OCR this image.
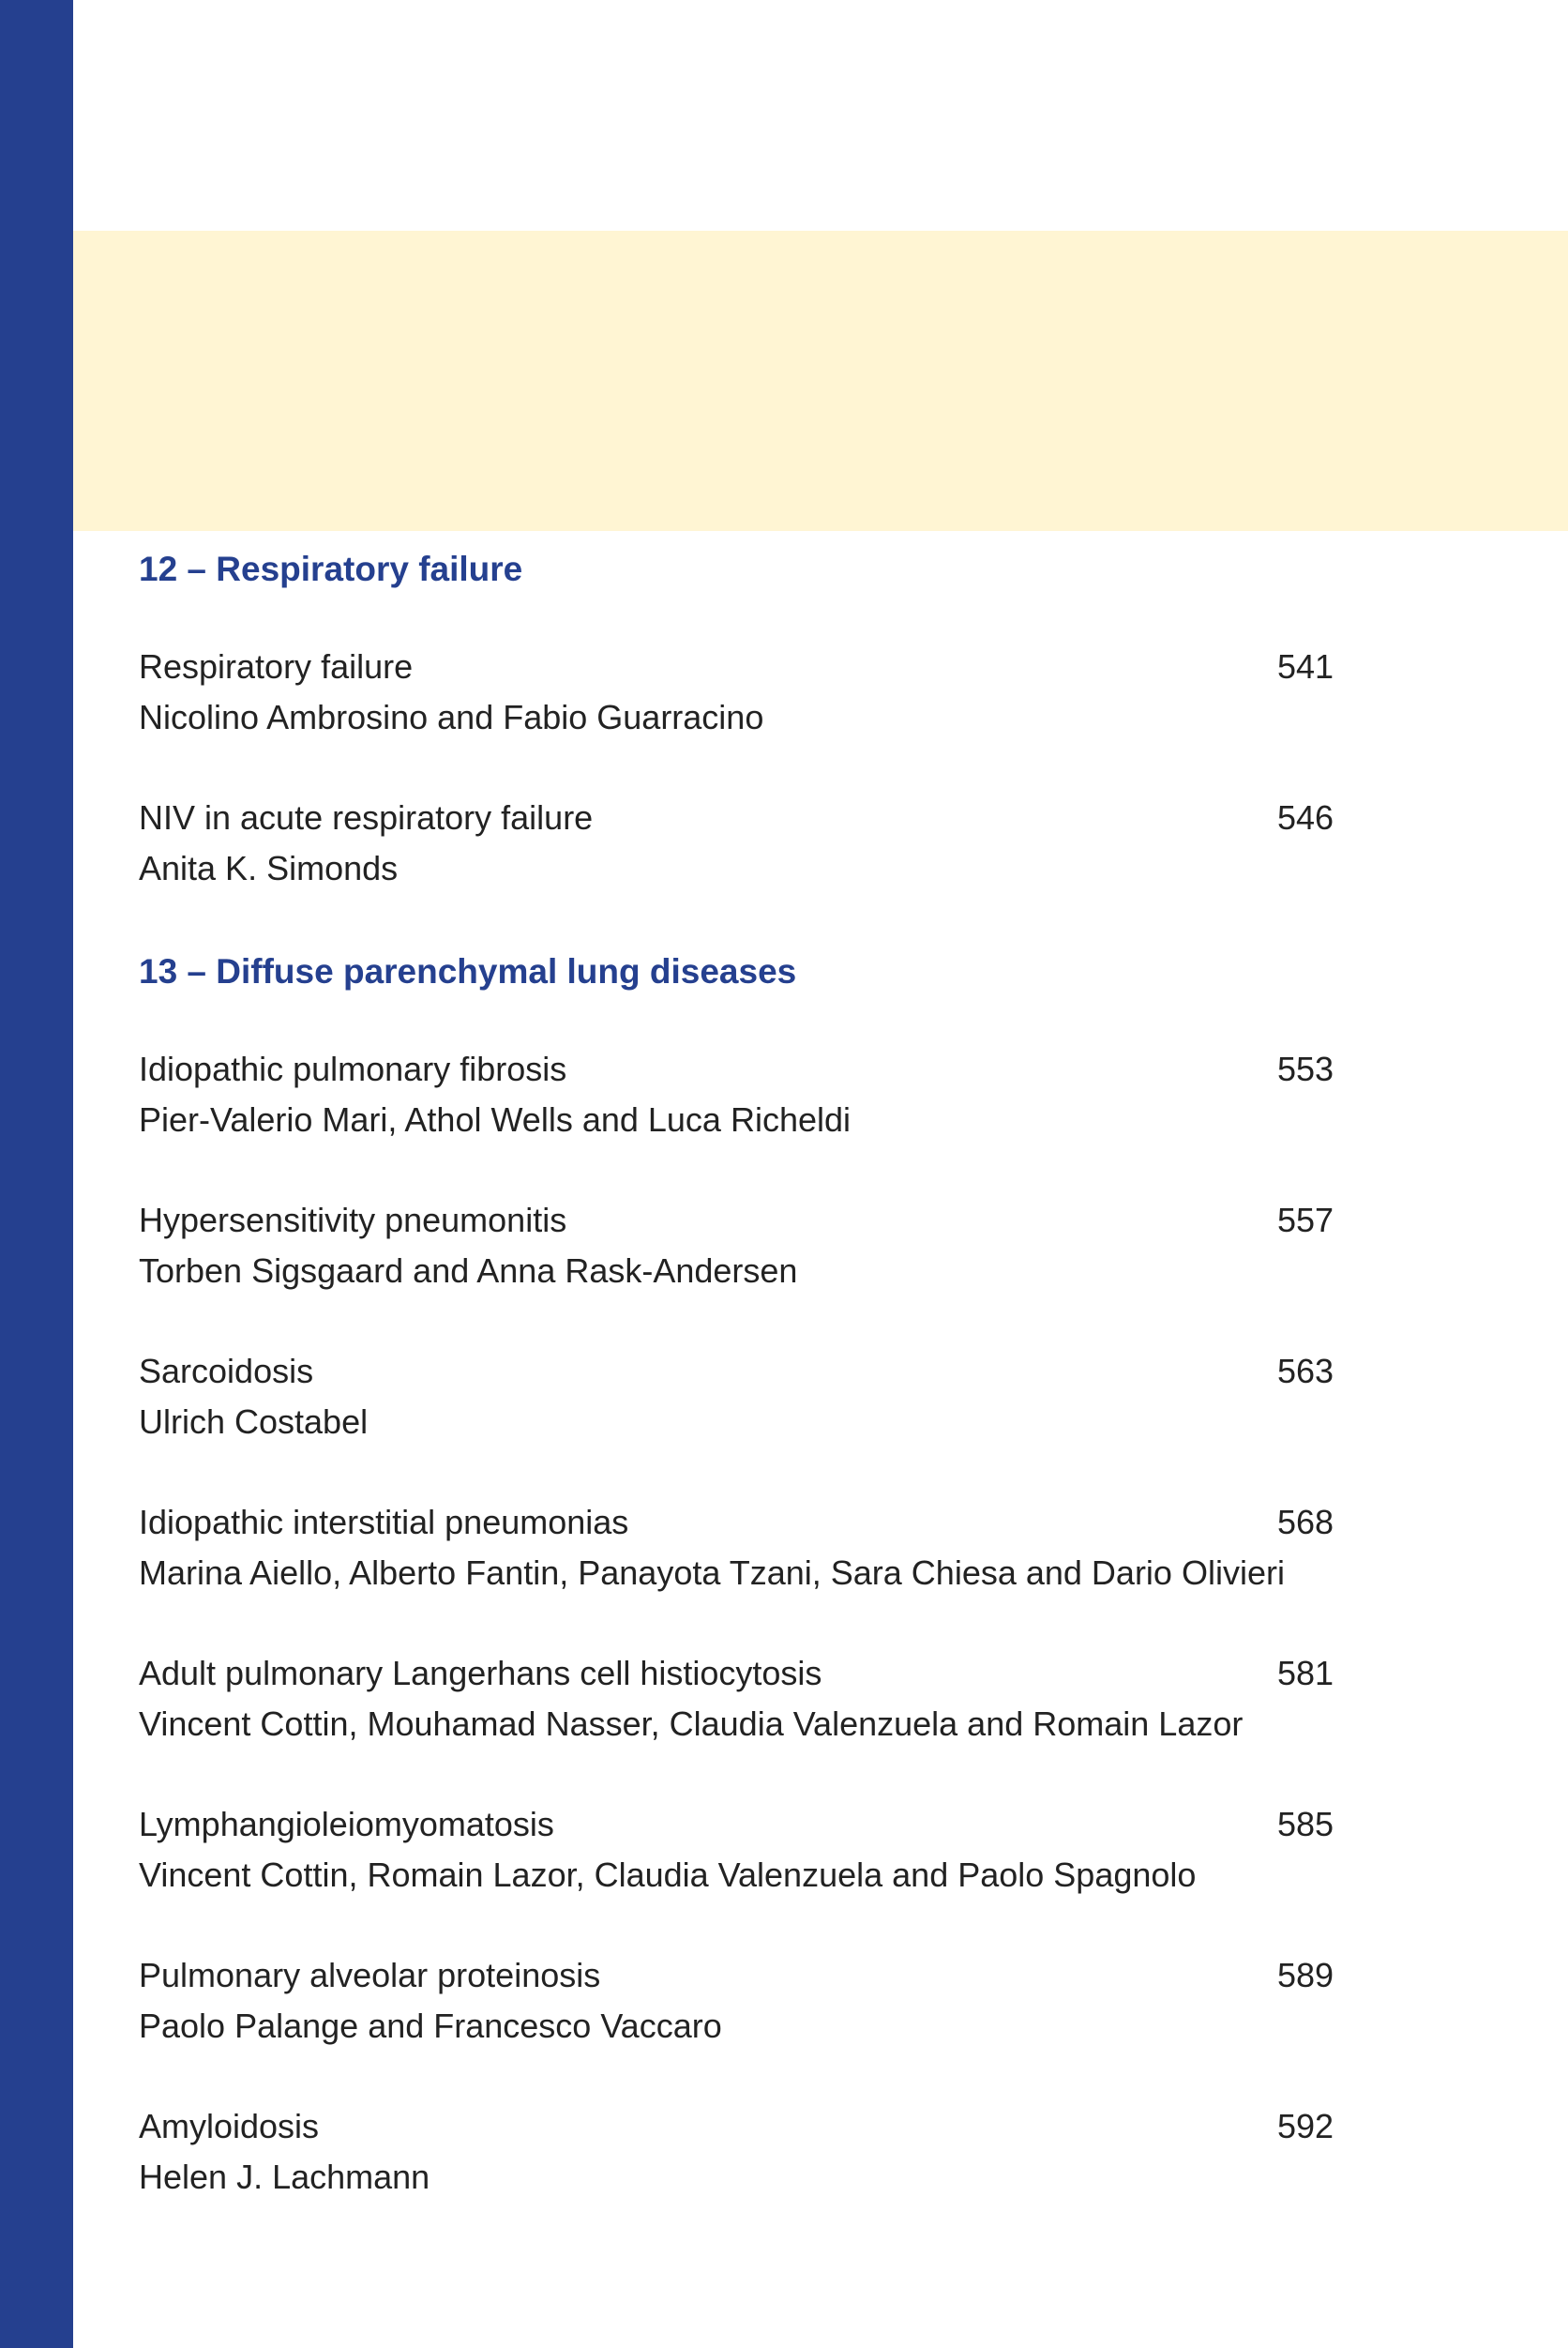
12 – Respiratory failure
Respiratory failure
Nicolino Ambrosino and Fabio Guarracino
541
NIV in acute respiratory failure
Anita K. Simonds
546
13 – Diffuse parenchymal lung diseases
Idiopathic pulmonary fibrosis
Pier-Valerio Mari, Athol Wells and Luca Richeldi
553
Hypersensitivity pneumonitis
Torben Sigsgaard and Anna Rask-Andersen
557
Sarcoidosis
Ulrich Costabel
563
Idiopathic interstitial pneumonias
Marina Aiello, Alberto Fantin, Panayota Tzani, Sara Chiesa and Dario Olivieri
568
Adult pulmonary Langerhans cell histiocytosis
Vincent Cottin, Mouhamad Nasser, Claudia Valenzuela and Romain Lazor
581
Lymphangioleiomyomatosis
Vincent Cottin, Romain Lazor, Claudia Valenzuela and Paolo Spagnolo
585
Pulmonary alveolar proteinosis
Paolo Palange and Francesco Vaccaro
589
Amyloidosis
Helen J. Lachmann
592
